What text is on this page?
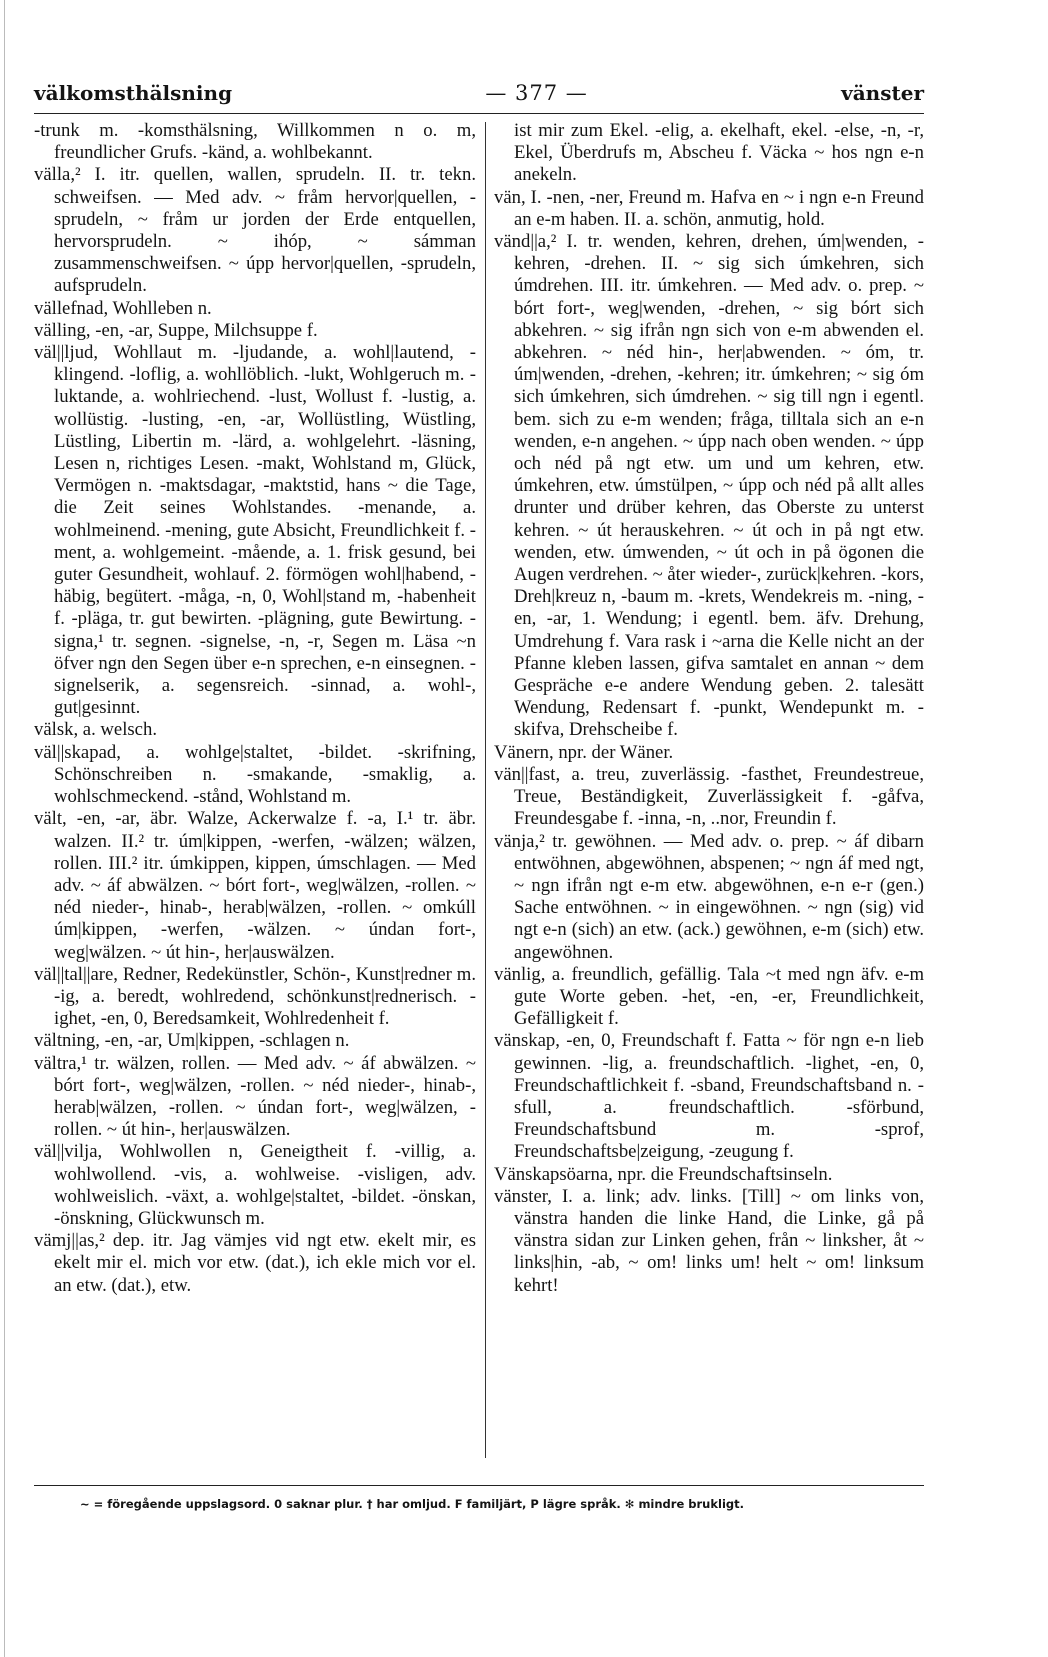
välkomsthälsning	— 377 —	vänster

-trunk m. -komsthälsning, Willkommen n o. m, freundlicher Grufs. -känd, a. wohlbekannt.

välla,² I. itr. quellen, wallen, sprudeln. II. tr. tekn. schweifsen. — Med adv. ~ fråm hervor|quellen, -sprudeln, ~ fråm ur jorden der Erde entquellen, hervorsprudeln. ~ ihóp, ~ sámman zusammenschweifsen. ~ úpp hervor|quellen, -sprudeln, aufsprudeln.

vällefnad, Wohlleben n.

välling, -en, -ar, Suppe, Milchsuppe f.

väl||ljud, Wohllaut m. -ljudande, a. wohl|lautend, -klingend. -loflig, a. wohllöblich. -lukt, Wohlgeruch m. -luktande, a. wohlriechend. -lust, Wollust f. -lustig, a. wollüstig. -lusting, -en, -ar, Wollüstling, Wüstling, Lüstling, Libertin m. -lärd, a. wohlgelehrt. -läsning, Lesen n, richtiges Lesen. -makt, Wohlstand m, Glück, Vermögen n. -maktsdagar, -maktstid, hans ~ die Tage, die Zeit seines Wohlstandes. -menande, a. wohlmeinend. -mening, gute Absicht, Freundlichkeit f. -ment, a. wohlgemeint. -mående, a. 1. frisk gesund, bei guter Gesundheit, wohlauf. 2. förmögen wohl|habend, -häbig, begütert. -måga, -n, 0, Wohl|stand m, -habenheit f. -pläga, tr. gut bewirten. -plägning, gute Bewirtung. -signa,¹ tr. segnen. -signelse, -n, -r, Segen m. Läsa ~n öfver ngn den Segen über e-n sprechen, e-n einsegnen. -signelserik, a. segensreich. -sinnad, a. wohl-, gut|gesinnt.

välsk, a. welsch.

väl||skapad, a. wohlge|staltet, -bildet. -skrifning, Schönschreiben n. -smakande, -smaklig, a. wohlschmeckend. -stånd, Wohlstand m.

vält, -en, -ar, äbr. Walze, Ackerwalze f. -a, I.¹ tr. äbr. walzen. II.² tr. úm|kippen, -werfen, -wälzen; wälzen, rollen. III.² itr. úmkippen, kippen, úmschlagen. — Med adv. ~ áf abwälzen. ~ bórt fort-, weg|wälzen, -rollen. ~ néd nieder-, hinab-, herab|wälzen, -rollen. ~ omkúll úm|kippen, -werfen, -wälzen. ~ úndan fort-, weg|wälzen. ~ út hin-, her|auswälzen.

väl||tal||are, Redner, Redekünstler, Schön-, Kunst|redner m. -ig, a. beredt, wohlredend, schönkunst|rednerisch. -ighet, -en, 0, Beredsamkeit, Wohlredenheit f.

vältning, -en, -ar, Um|kippen, -schlagen n.

vältra,¹ tr. wälzen, rollen. — Med adv. ~ áf abwälzen. ~ bórt fort-, weg|wälzen, -rollen. ~ néd nieder-, hinab-, herab|wälzen, -rollen. ~ úndan fort-, weg|wälzen, -rollen. ~ út hin-, her|auswälzen.

väl||vilja, Wohlwollen n, Geneigtheit f. -villig, a. wohlwollend. -vis, a. wohlweise. -visligen, adv. wohlweislich. -växt, a. wohlge|staltet, -bildet. -önskan, -önskning, Glückwunsch m.

vämj||as,² dep. itr. Jag vämjes vid ngt etw. ekelt mir, es ekelt mir el. mich vor etw. (dat.), ich ekle mich vor el. an etw. (dat.), etw.

ist mir zum Ekel. -elig, a. ekelhaft, ekel. -else, -n, -r, Ekel, Überdrufs m, Abscheu f. Väcka ~ hos ngn e-n anekeln.

vän, I. -nen, -ner, Freund m. Hafva en ~ i ngn e-n Freund an e-m haben. II. a. schön, anmutig, hold.

vänd||a,² I. tr. wenden, kehren, drehen, úm|wenden, -kehren, -drehen. II. ~ sig sich úmkehren, sich úmdrehen. III. itr. úmkehren. — Med adv. o. prep. ~ bórt fort-, weg|wenden, -drehen, ~ sig bórt sich abkehren. ~ sig ifrån ngn sich von e-m abwenden el. abkehren. ~ néd hin-, her|abwenden. ~ óm, tr. úm|wenden, -drehen, -kehren; itr. úmkehren; ~ sig óm sich úmkehren, sich úmdrehen. ~ sig till ngn i egentl. bem. sich zu e-m wenden; fråga, tilltala sich an e-n wenden, e-n angehen. ~ úpp nach oben wenden. ~ úpp och néd på ngt etw. um und um kehren, etw. úmkehren, etw. úmstülpen, ~ úpp och néd på allt alles drunter und drüber kehren, das Oberste zu unterst kehren. ~ út herauskehren. ~ út och in på ngt etw. wenden, etw. úmwenden, ~ út och in på ögonen die Augen verdrehen. ~ åter wieder-, zurück|kehren. -kors, Dreh|kreuz n, -baum m. -krets, Wendekreis m. -ning, -en, -ar, 1. Wendung; i egentl. bem. äfv. Drehung, Umdrehung f. Vara rask i ~arna die Kelle nicht an der Pfanne kleben lassen, gifva samtalet en annan ~ dem Gespräche e-e andere Wendung geben. 2. talesätt Wendung, Redensart f. -punkt, Wendepunkt m. -skifva, Drehscheibe f.

Vänern, npr. der Wäner.

vän||fast, a. treu, zuverlässig. -fasthet, Freundestreue, Treue, Beständigkeit, Zuverlässigkeit f. -gåfva, Freundesgabe f. -inna, -n, ..nor, Freundin f.

vänja,² tr. gewöhnen. — Med adv. o. prep. ~ áf dibarn entwöhnen, abgewöhnen, abspenen; ~ ngn áf med ngt, ~ ngn ifrån ngt e-m etw. abgewöhnen, e-n e-r (gen.) Sache entwöhnen. ~ in eingewöhnen. ~ ngn (sig) vid ngt e-n (sich) an etw. (ack.) gewöhnen, e-m (sich) etw. angewöhnen.

vänlig, a. freundlich, gefällig. Tala ~t med ngn äfv. e-m gute Worte geben. -het, -en, -er, Freundlichkeit, Gefälligkeit f.

vänskap, -en, 0, Freundschaft f. Fatta ~ för ngn e-n lieb gewinnen. -lig, a. freundschaftlich. -lighet, -en, 0, Freundschaftlichkeit f. -sband, Freundschaftsband n. -sfull, a. freundschaftlich. -sförbund, Freundschaftsbund m. -sprof, Freundschaftsbe|zeigung, -zeugung f.

Vänskapsöarna, npr. die Freundschaftsinseln.

vänster, I. a. link; adv. links. [Till] ~ om links von, vänstra handen die linke Hand, die Linke, gå på vänstra sidan zur Linken gehen, från ~ linksher, åt ~ links|hin, -ab, ~ om! links um! helt ~ om! linksum kehrt!

~ = föregående uppslagsord. 0 saknar plur. † har omljud. F familjärt, P lägre språk. ✻ mindre brukligt.
